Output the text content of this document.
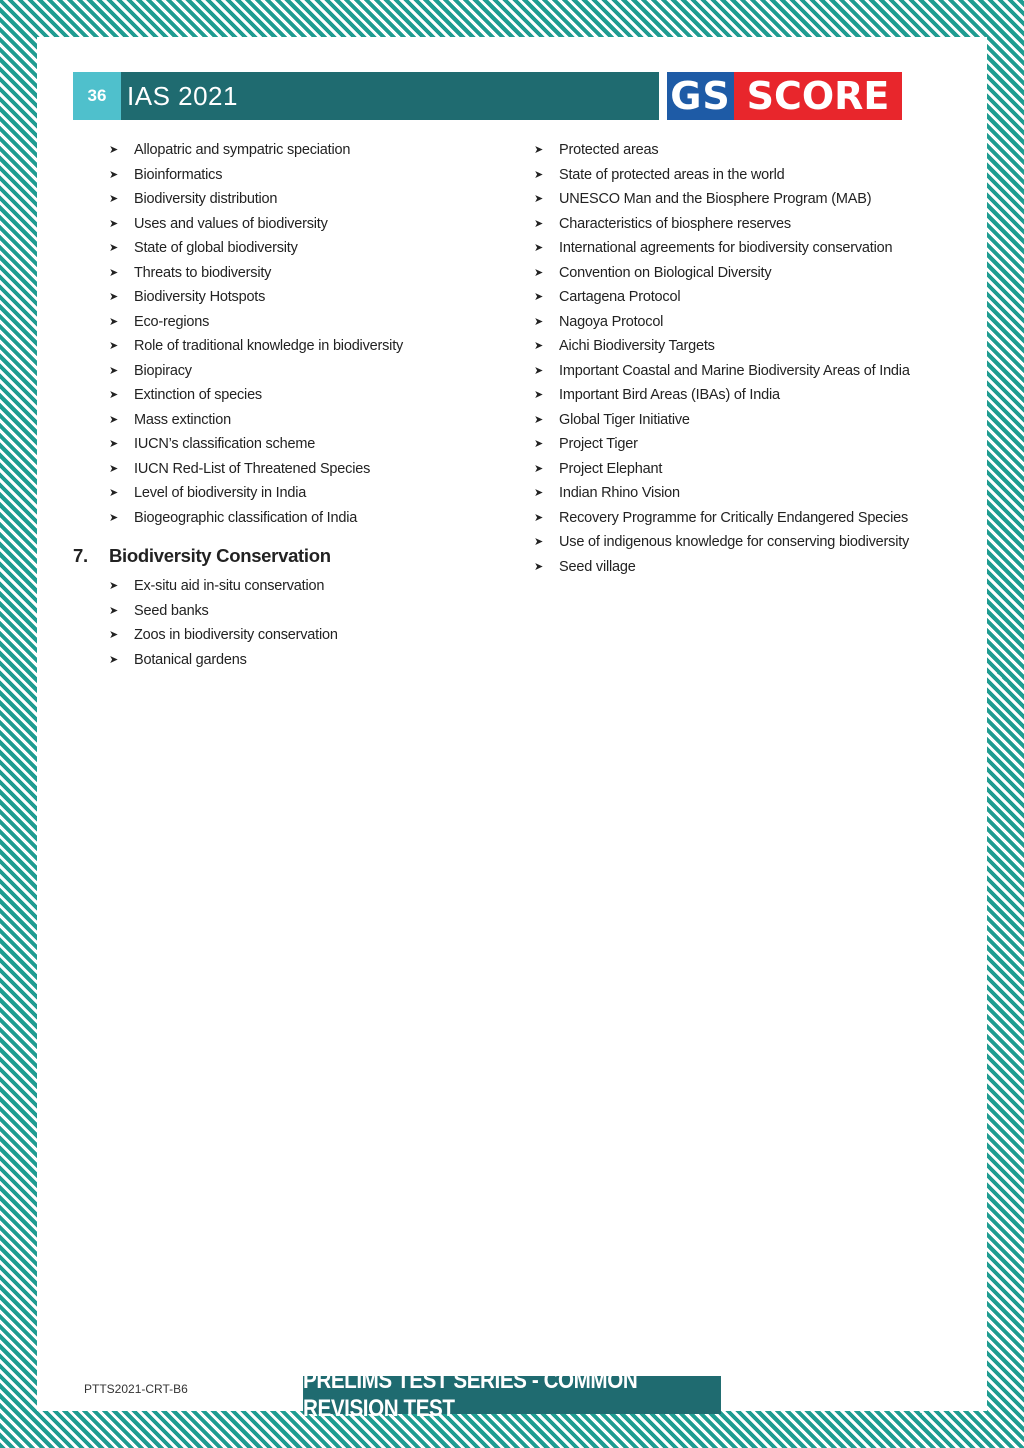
36 IAS 2021	GS SCORE
➤ Allopatric and sympatric speciation
➤ Bioinformatics
➤ Biodiversity distribution
➤ Uses and values of biodiversity
➤ State of global biodiversity
➤ Threats to biodiversity
➤ Biodiversity Hotspots
➤ Eco-regions
➤ Role of traditional knowledge in biodiversity
➤ Biopiracy
➤ Extinction of species
➤ Mass extinction
➤ IUCN’s classification scheme
➤ IUCN Red-List of Threatened Species
➤ Level of biodiversity in India
➤ Biogeographic classification of India
7. Biodiversity Conservation
➤ Ex-situ aid in-situ conservation
➤ Seed banks
➤ Zoos in biodiversity conservation
➤ Botanical gardens
➤ Protected areas
➤ State of protected areas in the world
➤ UNESCO Man and the Biosphere Program (MAB)
➤ Characteristics of biosphere reserves
➤ International agreements for biodiversity conservation
➤ Convention on Biological Diversity
➤ Cartagena Protocol
➤ Nagoya Protocol
➤ Aichi Biodiversity Targets
➤ Important Coastal and Marine Biodiversity Areas of India
➤ Important Bird Areas (IBAs) of India
➤ Global Tiger Initiative
➤ Project Tiger
➤ Project Elephant
➤ Indian Rhino Vision
➤ Recovery Programme for Critically Endangered Species
➤ Use of indigenous knowledge for conserving biodiversity
➤ Seed village
PTTS2021-CRT-B6	PRELIMS TEST SERIES - COMMON REVISION TEST
